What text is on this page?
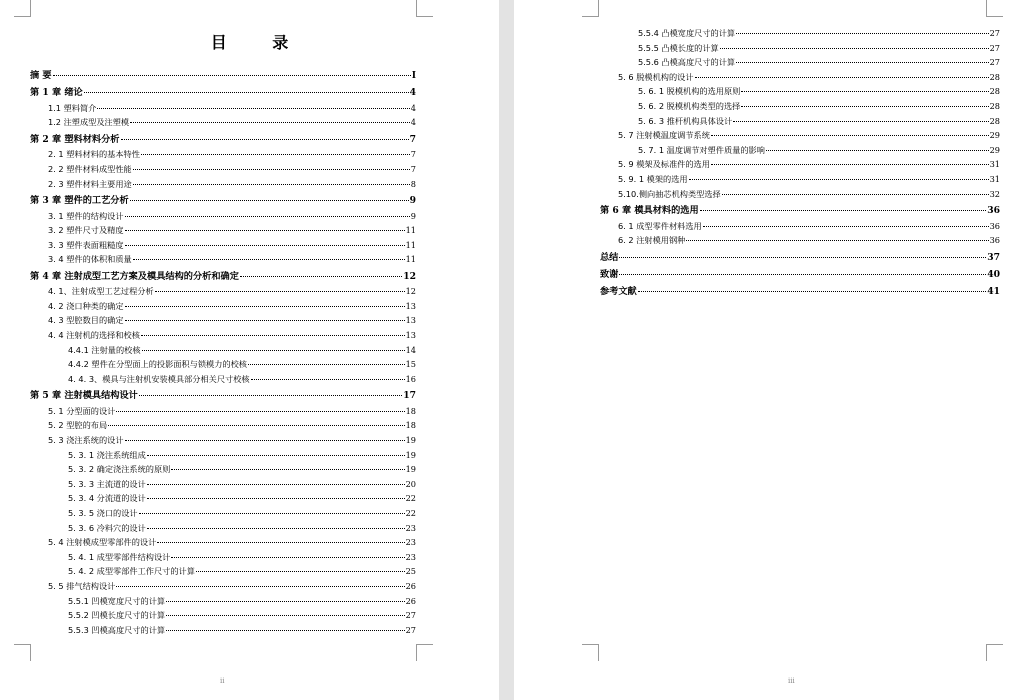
目 录
摘 要	I
第 1 章 绪论	4
1.1 塑料简介	4
1.2 注塑成型及注塑模	4
第 2 章 塑料材料分析	7
2. 1 塑料材料的基本特性	7
2. 2 塑件材料成型性能	7
2. 3 塑件材料主要用途	8
第 3 章 塑件的工艺分析	9
3. 1 塑件的结构设计	9
3. 2 塑件尺寸及精度	11
3. 3 塑件表面粗糙度	11
3. 4 塑件的体积和质量	11
第 4 章 注射成型工艺方案及模具结构的分析和确定	12
4. 1、注射成型工艺过程分析	12
4. 2 浇口种类的确定	13
4. 3 型腔数目的确定	13
4. 4 注射机的选择和校核	13
4.4.1 注射量的校核	14
4.4.2 塑件在分型面上的投影面积与锁模力的校核	15
4. 4. 3、模具与注射机安装模具部分相关尺寸校核	16
第 5 章 注射模具结构设计	17
5. 1 分型面的设计	18
5. 2 型腔的布局	18
5. 3 浇注系统的设计	19
5. 3. 1 浇注系统组成	19
5. 3. 2 确定浇注系统的原则	19
5. 3. 3 主流道的设计	20
5. 3. 4 分流道的设计	22
5. 3. 5 浇口的设计	22
5. 3. 6 冷料穴的设计	23
5. 4 注射模成型零部件的设计	23
5. 4. 1 成型零部件结构设计	23
5. 4. 2 成型零部件工作尺寸的计算	25
5. 5 排气结构设计	26
5.5.1 凹模宽度尺寸的计算	26
5.5.2 凹模长度尺寸的计算	27
5.5.3 凹模高度尺寸的计算	27
ii
5.5.4 凸模宽度尺寸的计算	27
5.5.5 凸模长度的计算	27
5.5.6 凸模高度尺寸的计算	27
5. 6 脱模机构的设计	28
5. 6. 1 脱模机构的选用原则	28
5. 6. 2 脱模机构类型的选择	28
5. 6. 3 推杆机构具体设计	28
5. 7 注射模温度调节系统	29
5. 7. 1 温度调节对塑件质量的影响	29
5. 9 模架及标准件的选用	31
5. 9. 1 模架的选用	31
5.10.侧向抽芯机构类型选择	32
第 6 章 模具材料的选用	36
6. 1 成型零件材料选用	36
6. 2 注射模用钢种	36
总结	37
致谢	40
参考文献	41
iii
